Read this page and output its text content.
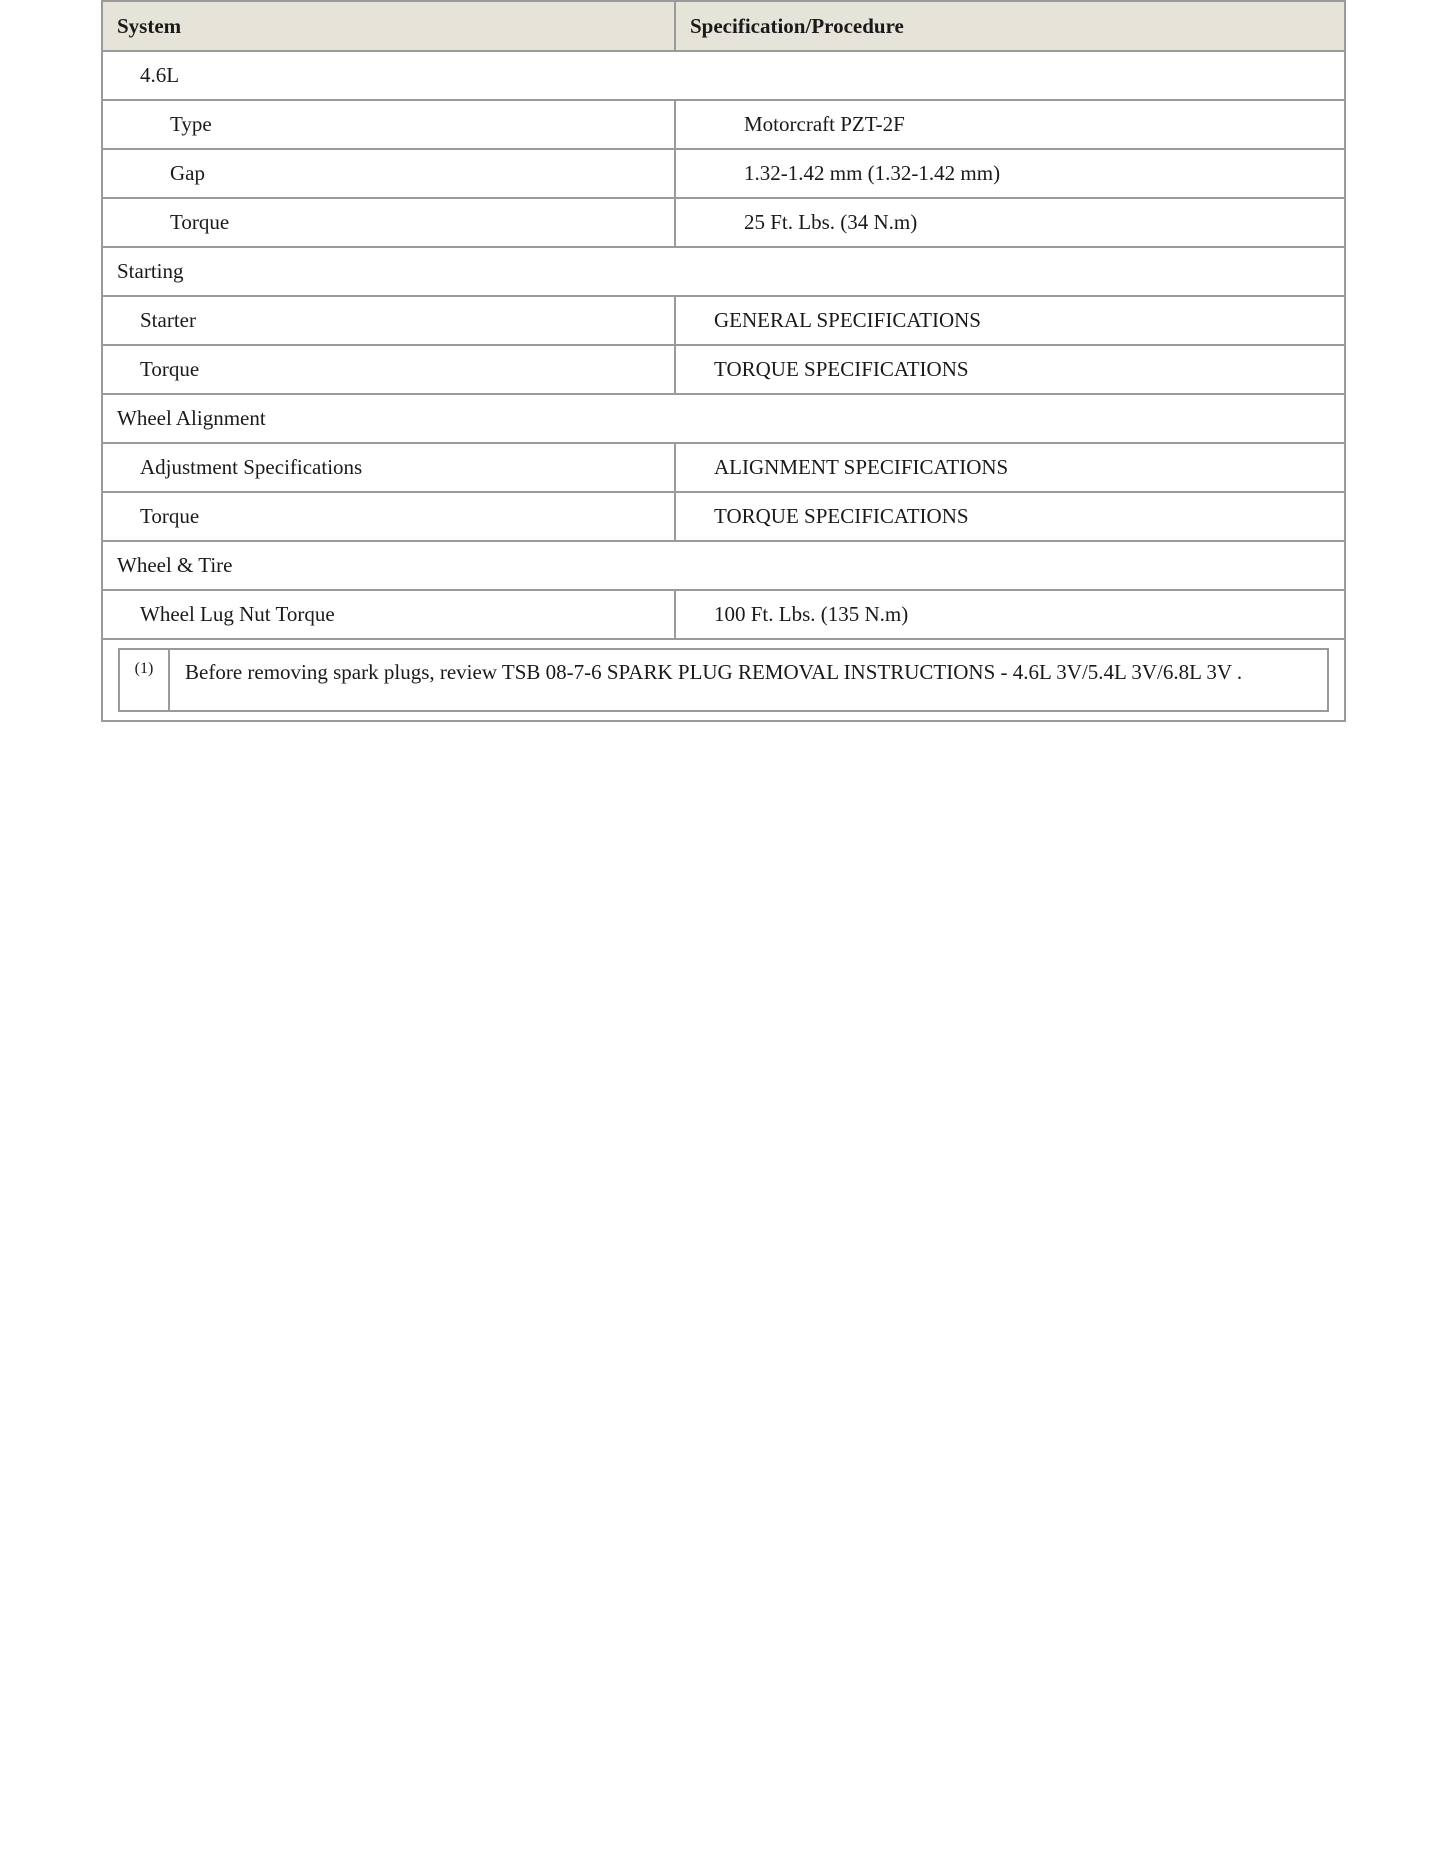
System	Specification/Procedure
4.6L
Type	Motorcraft PZT-2F
Gap	1.32-1.42 mm (1.32-1.42 mm)
Torque	25 Ft. Lbs. (34 N.m)
Starting
Starter	GENERAL SPECIFICATIONS
Torque	TORQUE SPECIFICATIONS
Wheel Alignment
Adjustment Specifications	ALIGNMENT SPECIFICATIONS
Torque	TORQUE SPECIFICATIONS
Wheel & Tire
Wheel Lug Nut Torque	100 Ft. Lbs. (135 N.m)

(1)	Before removing spark plugs, review TSB 08-7-6 SPARK PLUG REMOVAL INSTRUCTIONS - 4.6L 3V/5.4L 3V/6.8L 3V .
